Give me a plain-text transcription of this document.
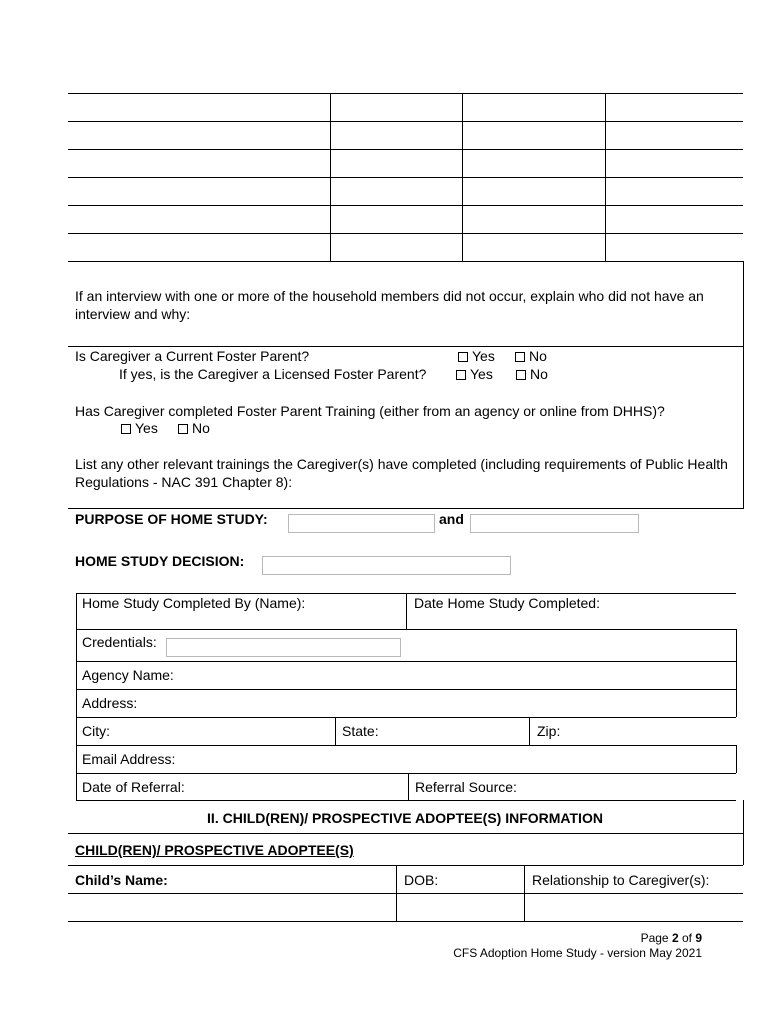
If an interview with one or more of the household members did not occur, explain who did not have an interview and why:
Is Caregiver a Current Foster Parent?	Yes	No
If yes, is the Caregiver a Licensed Foster Parent?	Yes	No
Has Caregiver completed Foster Parent Training (either from an agency or online from DHHS)?
Yes	No
List any other relevant trainings the Caregiver(s) have completed (including requirements of Public Health Regulations - NAC 391 Chapter 8):
PURPOSE OF HOME STUDY:	and
HOME STUDY DECISION:
Home Study Completed By (Name):	Date Home Study Completed:
Credentials:
Agency Name:
Address:
City:	State:	Zip:
Email Address:
Date of Referral:	Referral Source:
II. CHILD(REN)/ PROSPECTIVE ADOPTEE(S) INFORMATION
CHILD(REN)/ PROSPECTIVE ADOPTEE(S)
Child’s Name:	DOB:	Relationship to Caregiver(s):
Page 2 of 9
CFS Adoption Home Study - version May 2021
